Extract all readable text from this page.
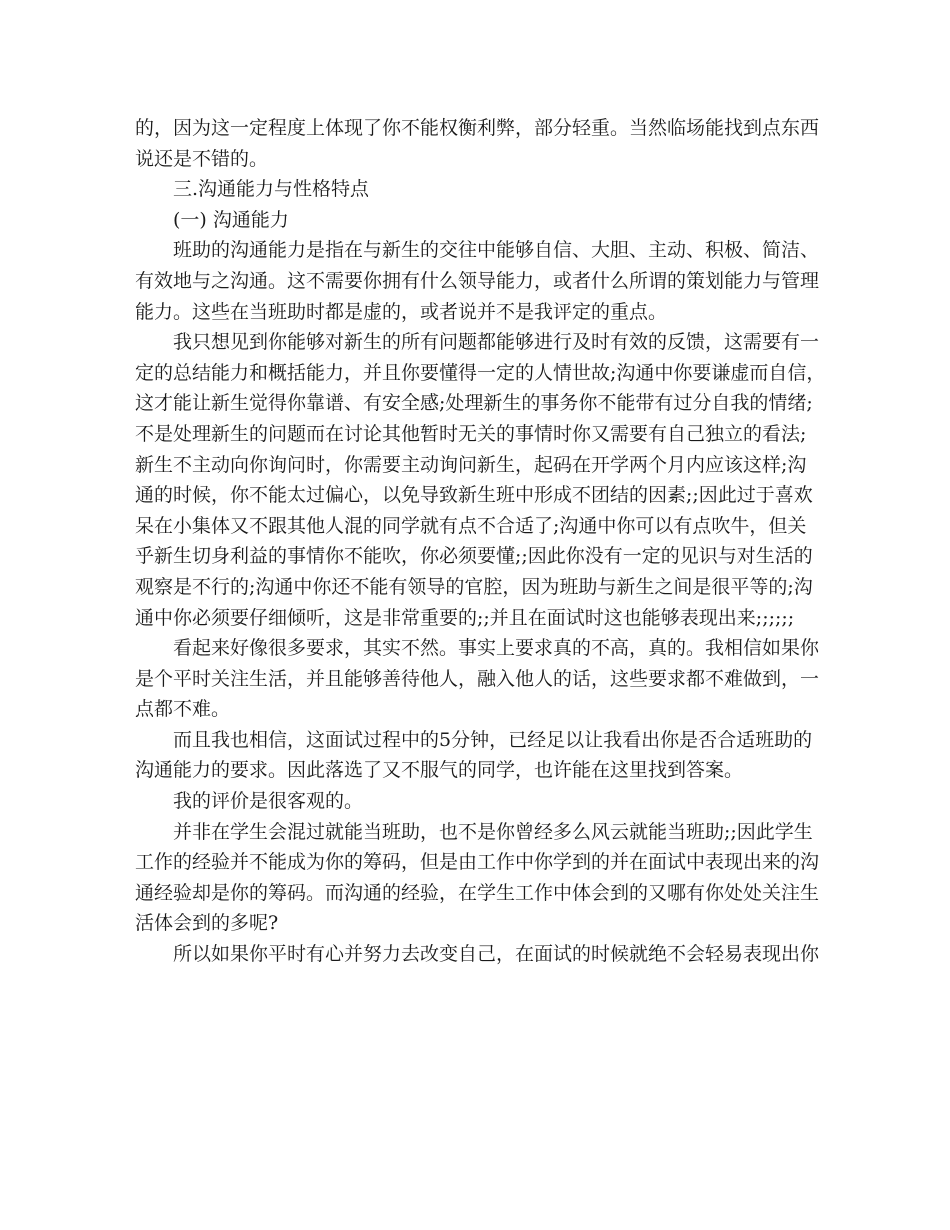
的，因为这一定程度上体现了你不能权衡利弊，部分轻重。当然临场能找到点东西
说还是不错的。
三.沟通能力与性格特点
(一) 沟通能力
班助的沟通能力是指在与新生的交往中能够自信、大胆、主动、积极、简洁、
有效地与之沟通。这不需要你拥有什么领导能力，或者什么所谓的策划能力与管理
能力。这些在当班助时都是虚的，或者说并不是我评定的重点。
我只想见到你能够对新生的所有问题都能够进行及时有效的反馈，这需要有一
定的总结能力和概括能力，并且你要懂得一定的人情世故;沟通中你要谦虚而自信，
这才能让新生觉得你靠谱、有安全感;处理新生的事务你不能带有过分自我的情绪;
不是处理新生的问题而在讨论其他暂时无关的事情时你又需要有自己独立的看法;
新生不主动向你询问时，你需要主动询问新生，起码在开学两个月内应该这样;沟
通的时候，你不能太过偏心，以免导致新生班中形成不团结的因素;;因此过于喜欢
呆在小集体又不跟其他人混的同学就有点不合适了;沟通中你可以有点吹牛，但关
乎新生切身利益的事情你不能吹，你必须要懂;;因此你没有一定的见识与对生活的
观察是不行的;沟通中你还不能有领导的官腔，因为班助与新生之间是很平等的;沟
通中你必须要仔细倾听，这是非常重要的;;并且在面试时这也能够表现出来;;;;;;
看起来好像很多要求，其实不然。事实上要求真的不高，真的。我相信如果你
是个平时关注生活，并且能够善待他人，融入他人的话，这些要求都不难做到，一
点都不难。
而且我也相信，这面试过程中的5分钟，已经足以让我看出你是否合适班助的
沟通能力的要求。因此落选了又不服气的同学，也许能在这里找到答案。
我的评价是很客观的。
并非在学生会混过就能当班助，也不是你曾经多么风云就能当班助;;因此学生
工作的经验并不能成为你的筹码，但是由工作中你学到的并在面试中表现出来的沟
通经验却是你的筹码。而沟通的经验，在学生工作中体会到的又哪有你处处关注生
活体会到的多呢?
所以如果你平时有心并努力去改变自己，在面试的时候就绝不会轻易表现出你
